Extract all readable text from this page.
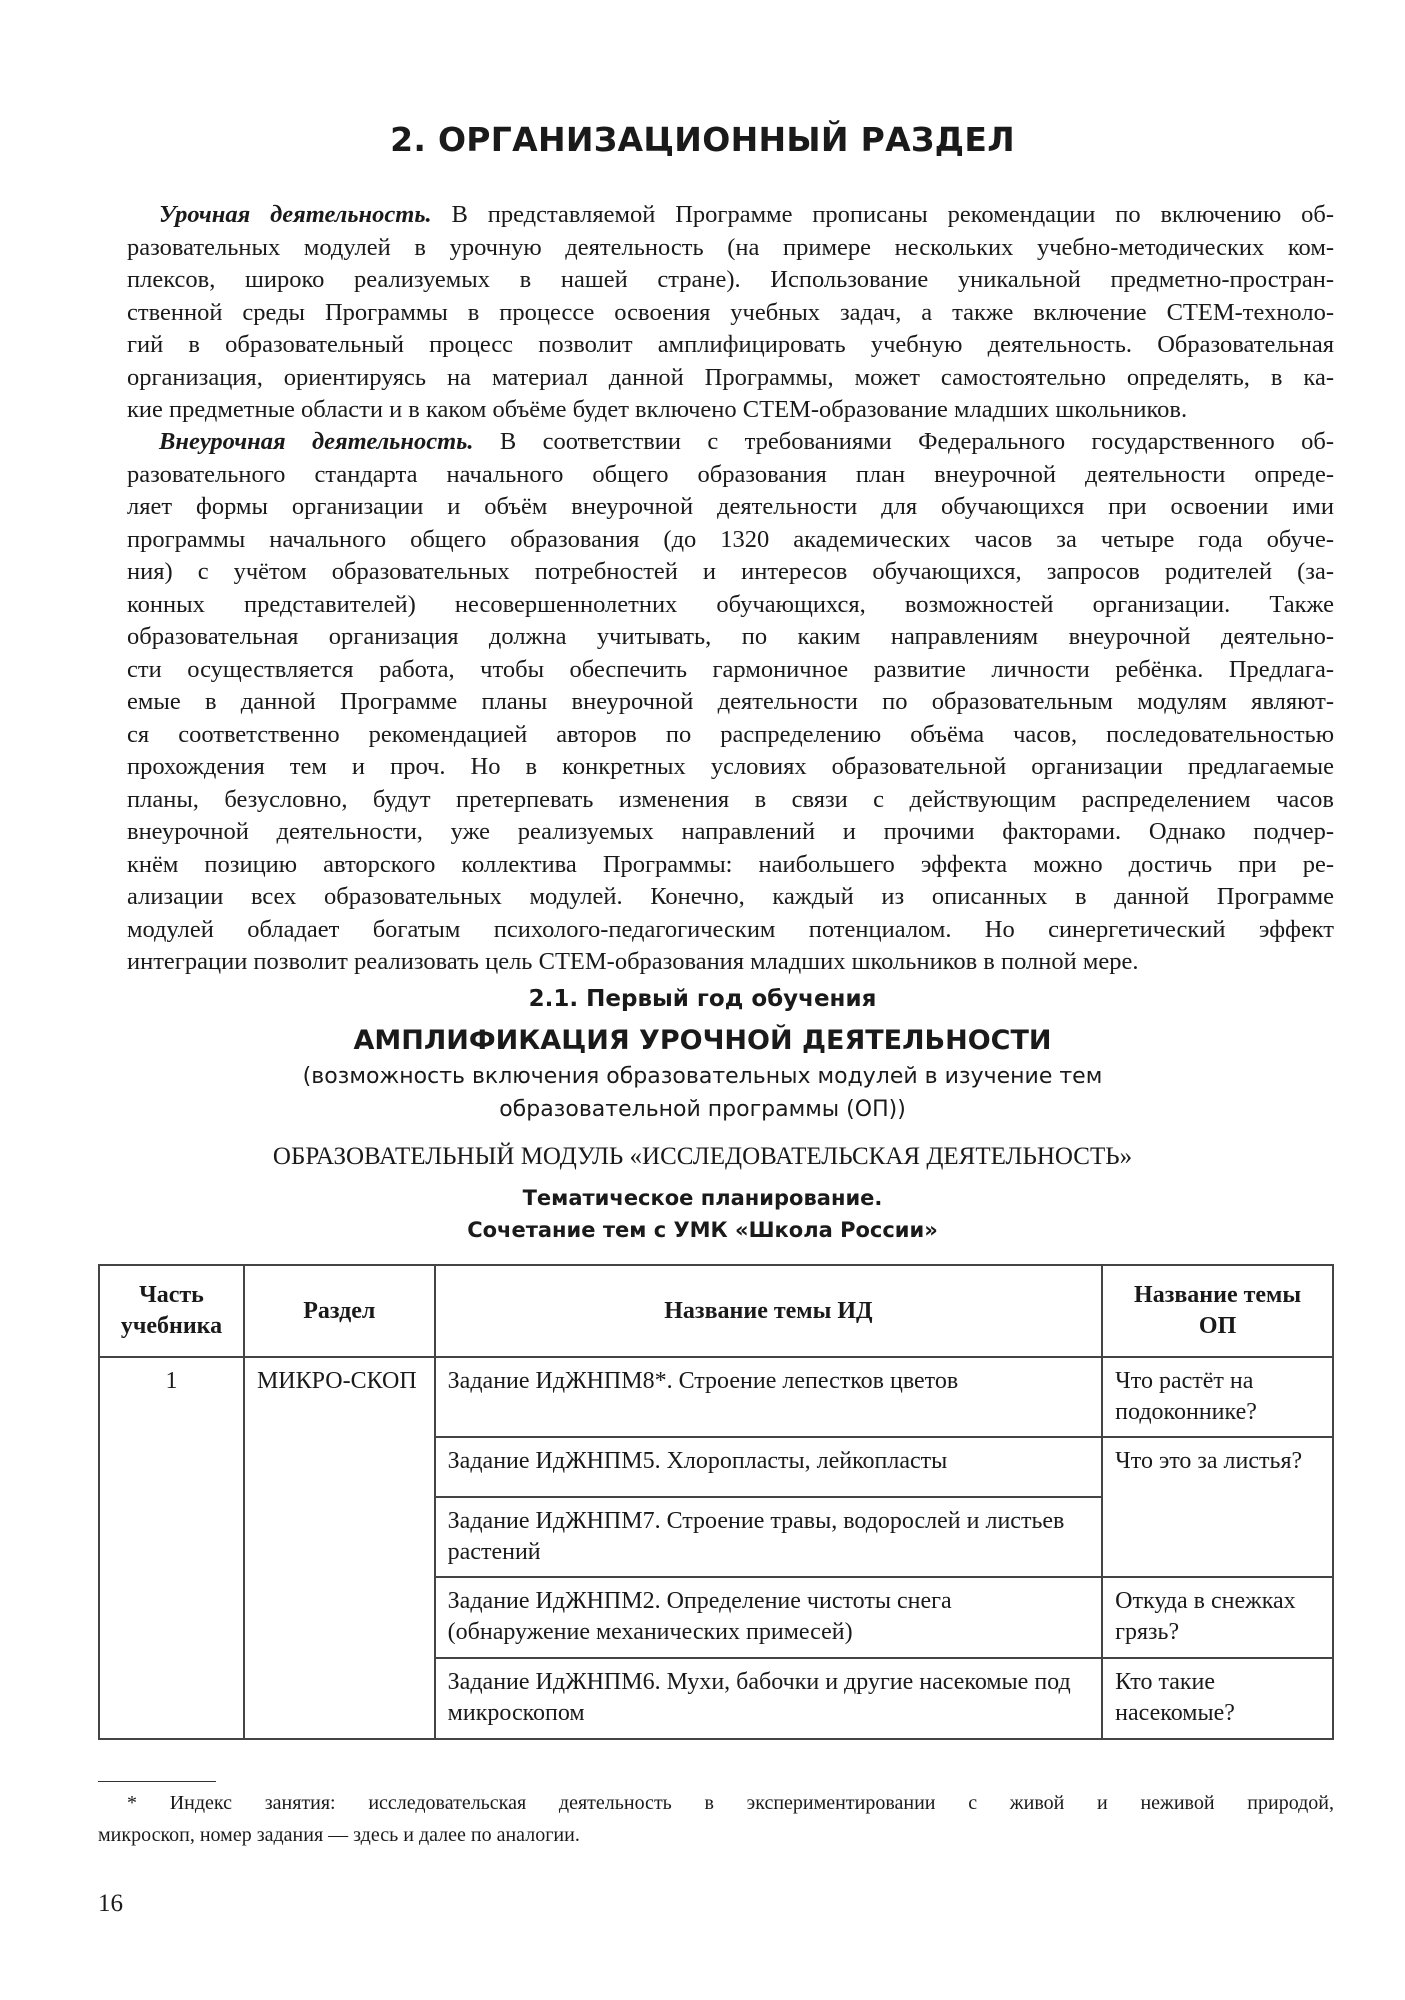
2. ОРГАНИЗАЦИОННЫЙ РАЗДЕЛ
Урочная деятельность. В представляемой Программе прописаны рекомендации по включению об-
разовательных модулей в урочную деятельность (на примере нескольких учебно-методических ком-
плексов, широко реализуемых в нашей стране). Использование уникальной предметно-простран-
ственной среды Программы в процессе освоения учебных задач, а также включение СТЕМ-техноло-
гий в образовательный процесс позволит амплифицировать учебную деятельность. Образовательная
организация, ориентируясь на материал данной Программы, может самостоятельно определять, в ка-
кие предметные области и в каком объёме будет включено СТЕМ-образование младших школьников.
Внеурочная деятельность. В соответствии с требованиями Федерального государственного об-
разовательного стандарта начального общего образования план внеурочной деятельности опреде-
ляет формы организации и объём внеурочной деятельности для обучающихся при освоении ими
программы начального общего образования (до 1320 академических часов за четыре года обуче-
ния) с учётом образовательных потребностей и интересов обучающихся, запросов родителей (за-
конных представителей) несовершеннолетних обучающихся, возможностей организации. Также
образовательная организация должна учитывать, по каким направлениям внеурочной деятельно-
сти осуществляется работа, чтобы обеспечить гармоничное развитие личности ребёнка. Предлага-
емые в данной Программе планы внеурочной деятельности по образовательным модулям являют-
ся соответственно рекомендацией авторов по распределению объёма часов, последовательностью
прохождения тем и проч. Но в конкретных условиях образовательной организации предлагаемые
планы, безусловно, будут претерпевать изменения в связи с действующим распределением часов
внеурочной деятельности, уже реализуемых направлений и прочими факторами. Однако подчер-
кнём позицию авторского коллектива Программы: наибольшего эффекта можно достичь при ре-
ализации всех образовательных модулей. Конечно, каждый из описанных в данной Программе
модулей обладает богатым психолого-педагогическим потенциалом. Но синергетический эффект
интеграции позволит реализовать цель СТЕМ-образования младших школьников в полной мере.
2.1. Первый год обучения
АМПЛИФИКАЦИЯ УРОЧНОЙ ДЕЯТЕЛЬНОСТИ
(возможность включения образовательных модулей в изучение тем
образовательной программы (ОП))
ОБРАЗОВАТЕЛЬНЫЙ МОДУЛЬ «ИССЛЕДОВАТЕЛЬСКАЯ ДЕЯТЕЛЬНОСТЬ»
Тематическое планирование.
Сочетание тем с УМК «Школа России»
Часть учебника	Раздел	Название темы ИД	Название темы ОП
1	МИКРО-СКОП	Задание ИдЖНПМ8*. Строение лепестков цветов	Что растёт на подоконнике?
		Задание ИдЖНПМ5. Хлоропласты, лейкопласты	Что это за листья?
		Задание ИдЖНПМ7. Строение травы, водорослей и листьев растений	
		Задание ИдЖНПМ2. Определение чистоты снега (обнаружение механических примесей)	Откуда в снежках грязь?
		Задание ИдЖНПМ6. Мухи, бабочки и другие насекомые под микроскопом	Кто такие насекомые?
* Индекс занятия: исследовательская деятельность в экспериментировании с живой и неживой природой,
микроскоп, номер задания — здесь и далее по аналогии.
16
